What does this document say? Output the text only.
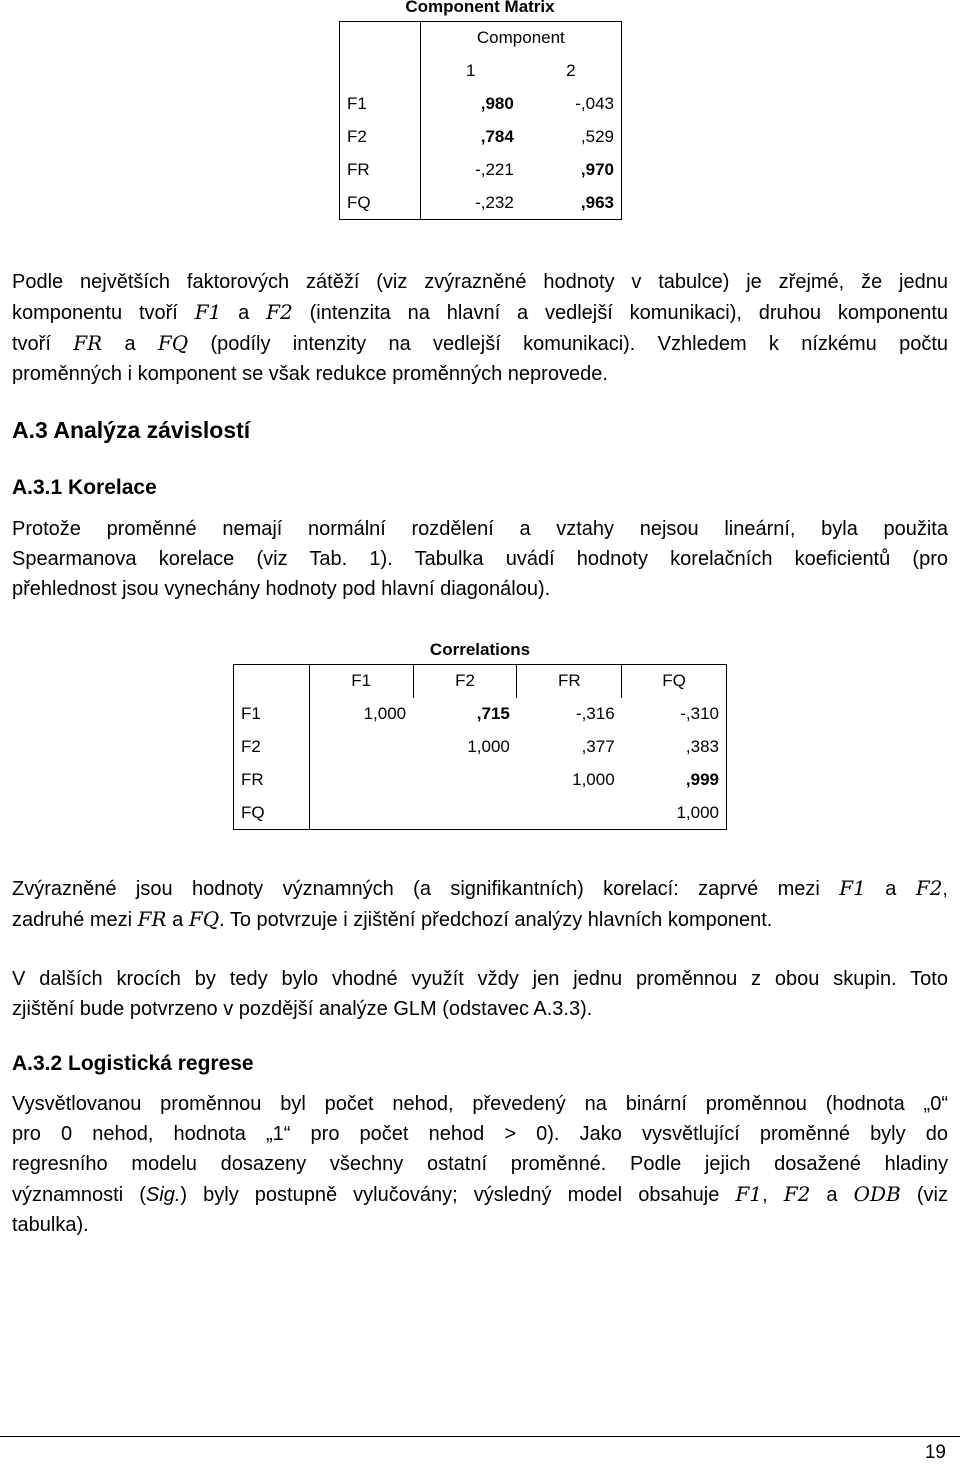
Component Matrix
	Component	
	1	2
F1	,980	-,043
F2	,784	,529
FR	-,221	,970
FQ	-,232	,963
Podle největších faktorových zátěží (viz zvýrazněné hodnoty v tabulce) je zřejmé, že jednu
komponentu tvoří F1 a F2 (intenzita na hlavní a vedlejší komunikaci), druhou komponentu
tvoří FR a FQ (podíly intenzity na vedlejší komunikaci). Vzhledem k nízkému počtu
proměnných i komponent se však redukce proměnných neprovede.
A.3 Analýza závislostí
A.3.1 Korelace
Protože proměnné nemají normální rozdělení a vztahy nejsou lineární, byla použita
Spearmanova korelace (viz Tab. 1). Tabulka uvádí hodnoty korelačních koeficientů (pro
přehlednost jsou vynechány hodnoty pod hlavní diagonálou).
Correlations
	F1	F2	FR	FQ
F1	1,000	,715	-,316	-,310
F2		1,000	,377	,383
FR			1,000	,999
FQ				1,000
Zvýrazněné jsou hodnoty významných (a signifikantních) korelací: zaprvé mezi F1 a F2,
zadruhé mezi FR a FQ. To potvrzuje i zjištění předchozí analýzy hlavních komponent.
V dalších krocích by tedy bylo vhodné využít vždy jen jednu proměnnou z obou skupin. Toto
zjištění bude potvrzeno v pozdější analýze GLM (odstavec A.3.3).
A.3.2 Logistická regrese
Vysvětlovanou proměnnou byl počet nehod, převedený na binární proměnnou (hodnota „0“
pro 0 nehod, hodnota „1“ pro počet nehod > 0). Jako vysvětlující proměnné byly do
regresního modelu dosazeny všechny ostatní proměnné. Podle jejich dosažené hladiny
významnosti (Sig.) byly postupně vylučovány; výsledný model obsahuje F1, F2 a ODB (viz
tabulka).
19
